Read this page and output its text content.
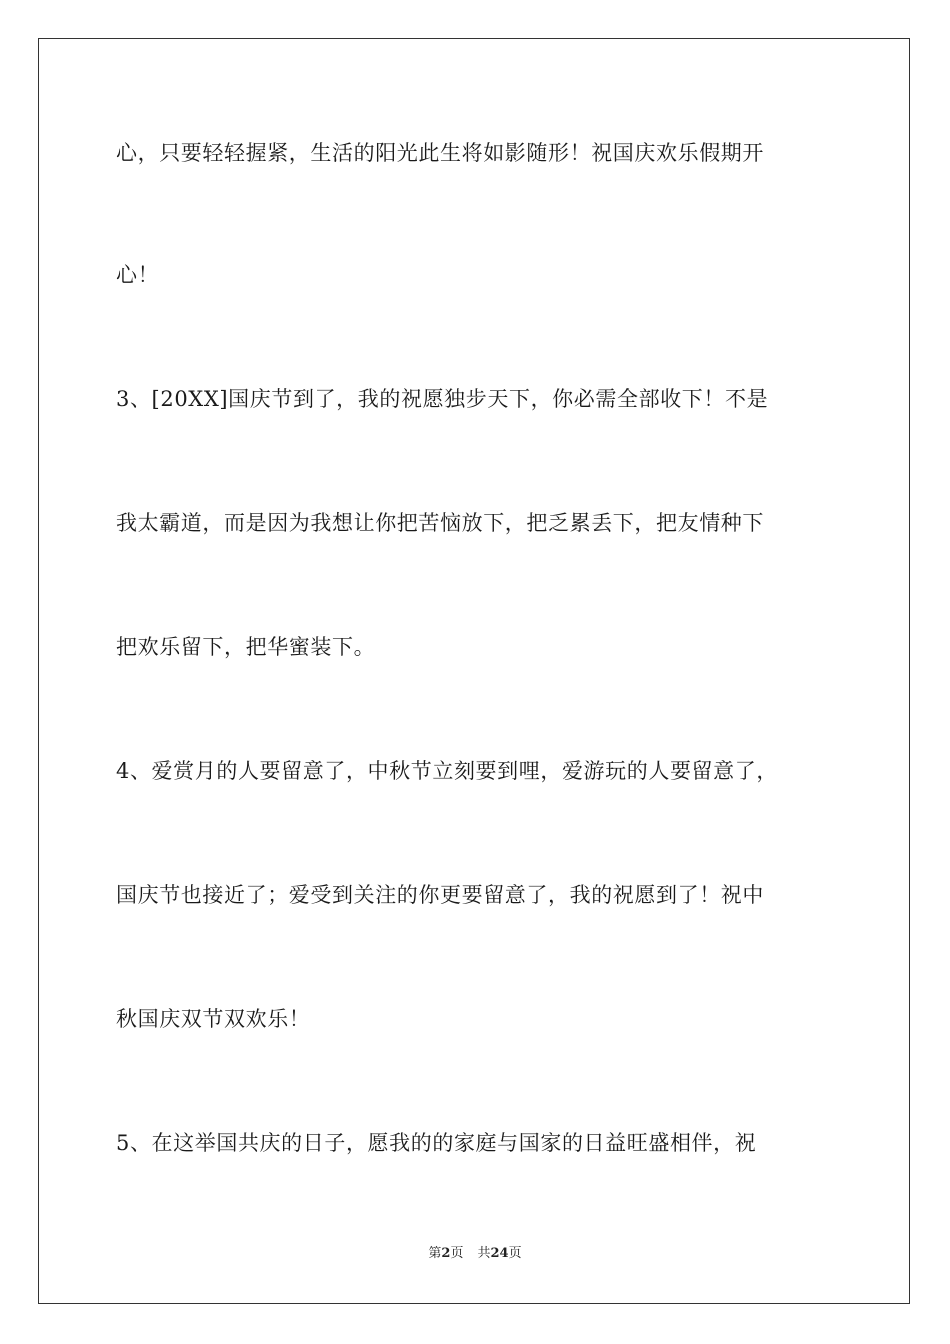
心，只要轻轻握紧，生活的阳光此生将如影随形！祝国庆欢乐假期开
心！
3、[20XX]国庆节到了，我的祝愿独步天下，你必需全部收下！不是
我太霸道，而是因为我想让你把苦恼放下，把乏累丢下，把友情种下
把欢乐留下，把华蜜装下。
4、爱赏月的人要留意了，中秋节立刻要到哩，爱游玩的人要留意了，
国庆节也接近了；爱受到关注的你更要留意了，我的祝愿到了！祝中
秋国庆双节双欢乐！
5、在这举国共庆的日子，愿我的的家庭与国家的日益旺盛相伴，祝
第2页 共24页
